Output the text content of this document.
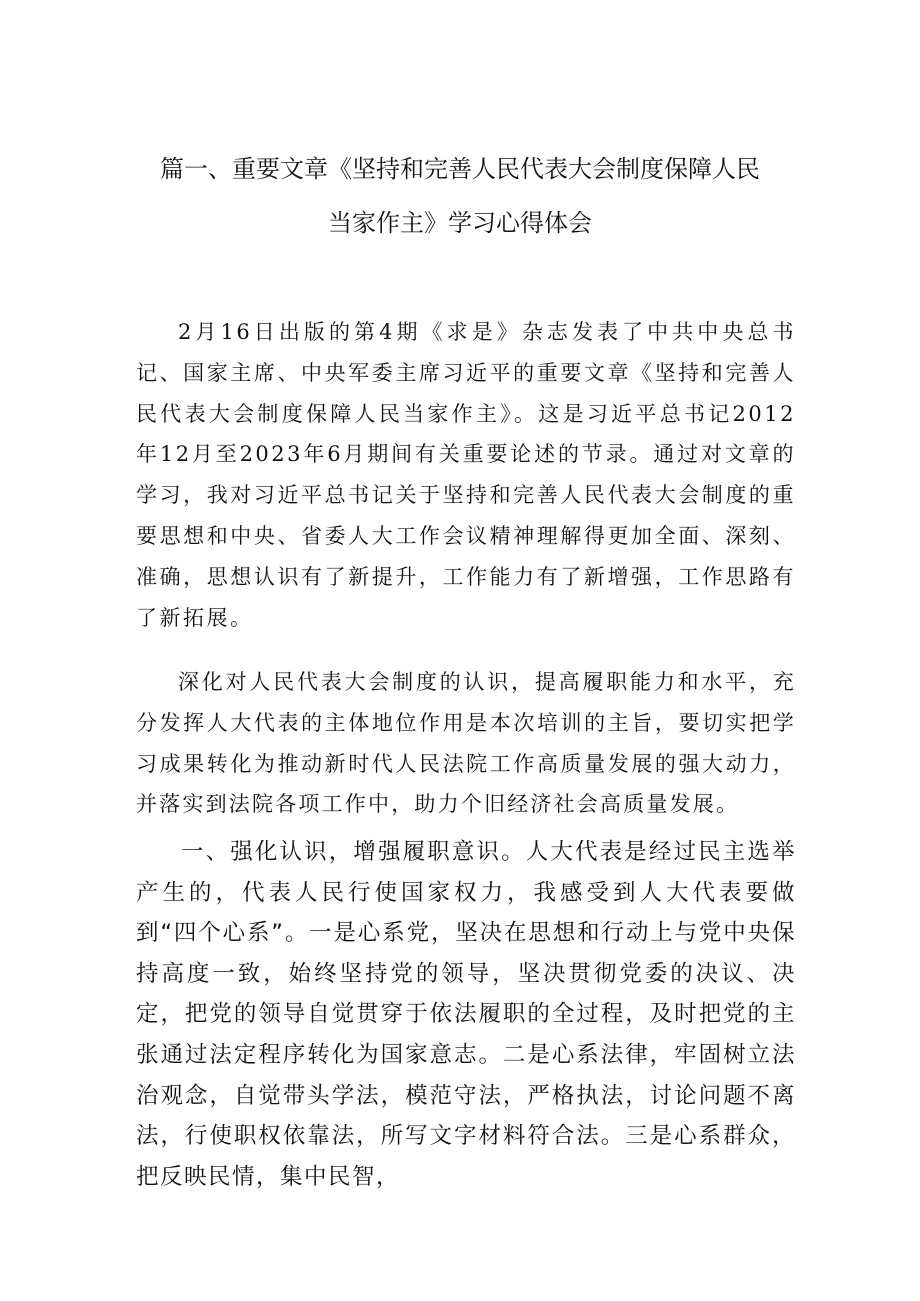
篇一、重要文章《坚持和完善人民代表大会制度保障人民
当家作主》学习心得体会

2月16日出版的第4期《求是》杂志发表了中共中央总书记、国家主席、中央军委主席习近平的重要文章《坚持和完善人民代表大会制度保障人民当家作主》。这是习近平总书记2012年12月至2023年6月期间有关重要论述的节录。通过对文章的学习，我对习近平总书记关于坚持和完善人民代表大会制度的重要思想和中央、省委人大工作会议精神理解得更加全面、深刻、准确，思想认识有了新提升，工作能力有了新增强，工作思路有了新拓展。

深化对人民代表大会制度的认识，提高履职能力和水平，充分发挥人大代表的主体地位作用是本次培训的主旨，要切实把学习成果转化为推动新时代人民法院工作高质量发展的强大动力，并落实到法院各项工作中，助力个旧经济社会高质量发展。

一、强化认识，增强履职意识。人大代表是经过民主选举产生的，代表人民行使国家权力，我感受到人大代表要做到“四个心系”。一是心系党，坚决在思想和行动上与党中央保持高度一致，始终坚持党的领导，坚决贯彻党委的决议、决定，把党的领导自觉贯穿于依法履职的全过程，及时把党的主张通过法定程序转化为国家意志。二是心系法律，牢固树立法治观念，自觉带头学法，模范守法，严格执法，讨论问题不离法，行使职权依靠法，所写文字材料符合法。三是心系群众，把反映民情，集中民智，
